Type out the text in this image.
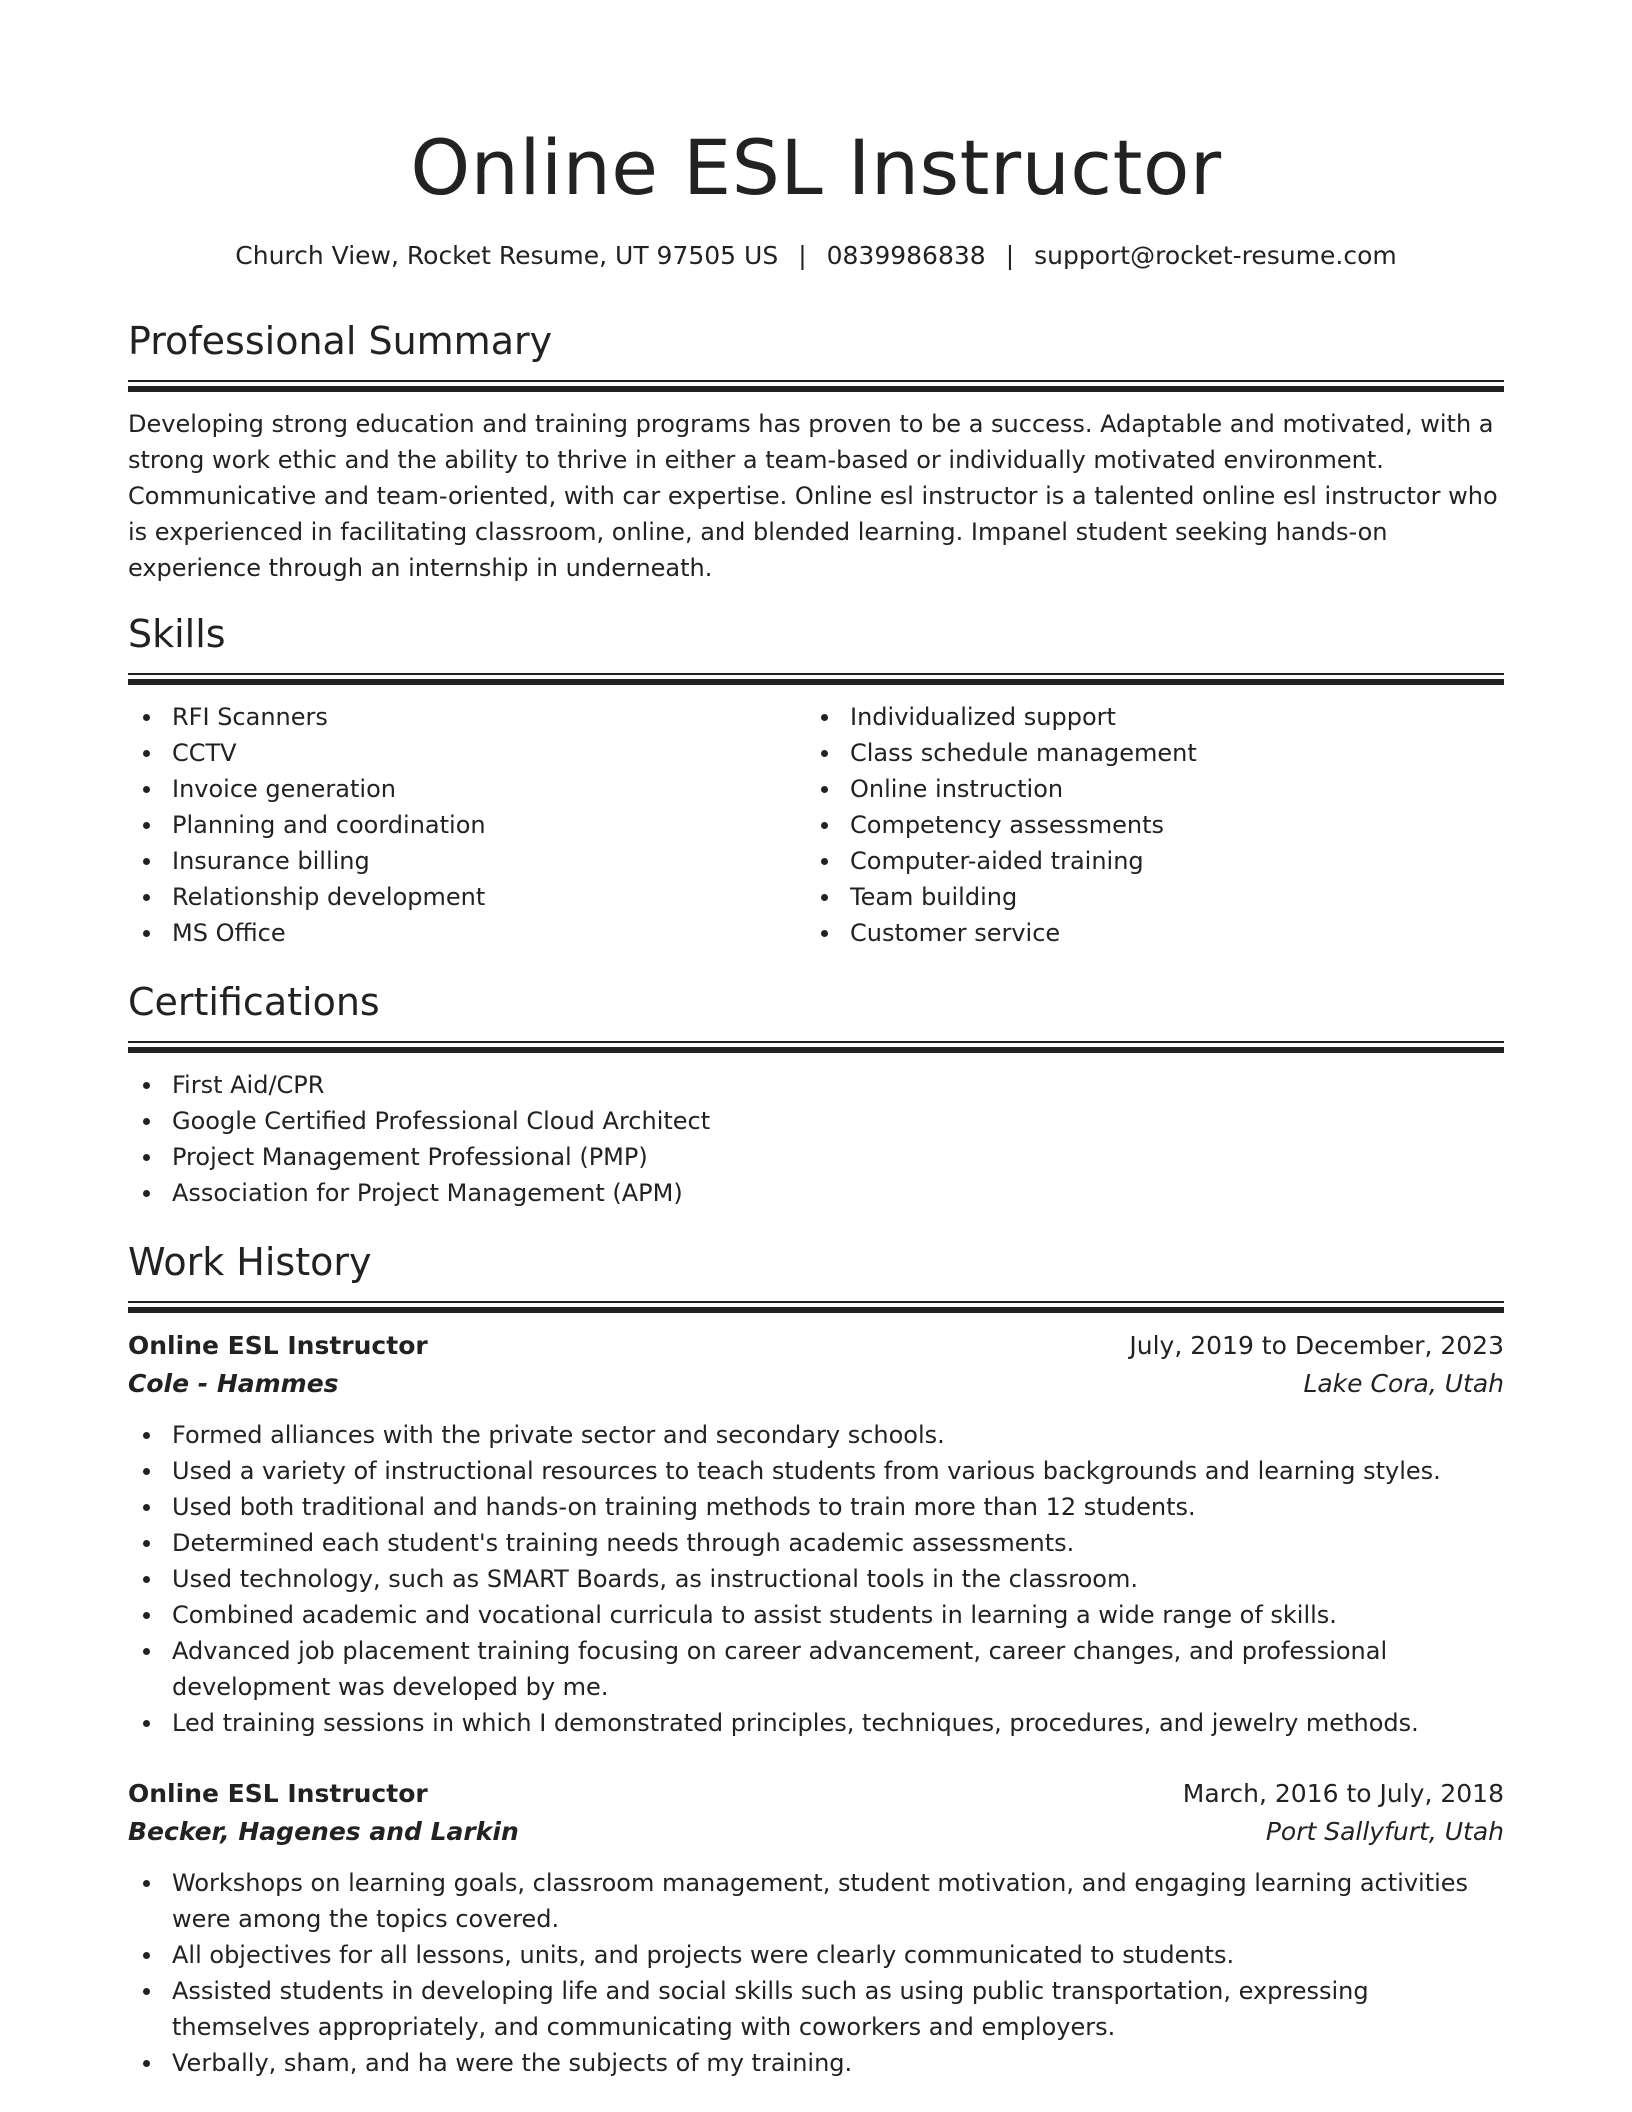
Online ESL Instructor
Church View, Rocket Resume, UT 97505 US | 0839986838 | support@rocket-resume.com
Professional Summary

Developing strong education and training programs has proven to be a success. Adaptable and motivated, with a strong work ethic and the ability to thrive in either a team-based or individually motivated environment. Communicative and team-oriented, with car expertise. Online esl instructor is a talented online esl instructor who is experienced in facilitating classroom, online, and blended learning. Impanel student seeking hands-on experience through an internship in underneath.

Skills
RFI Scanners
CCTV
Invoice generation
Planning and coordination
Insurance billing
Relationship development
MS Office
Individualized support
Class schedule management
Online instruction
Competency assessments
Computer-aided training
Team building
Customer service
Certifications
First Aid/CPR
Google Certified Professional Cloud Architect
Project Management Professional (PMP)
Association for Project Management (APM)
Work History
Online ESL Instructor	July, 2019 to December, 2023
Cole - Hammes	Lake Cora, Utah
Formed alliances with the private sector and secondary schools.
Used a variety of instructional resources to teach students from various backgrounds and learning styles.
Used both traditional and hands-on training methods to train more than 12 students.
Determined each student's training needs through academic assessments.
Used technology, such as SMART Boards, as instructional tools in the classroom.
Combined academic and vocational curricula to assist students in learning a wide range of skills.
Advanced job placement training focusing on career advancement, career changes, and professional development was developed by me.
Led training sessions in which I demonstrated principles, techniques, procedures, and jewelry methods.
Online ESL Instructor	March, 2016 to July, 2018
Becker, Hagenes and Larkin	Port Sallyfurt, Utah
Workshops on learning goals, classroom management, student motivation, and engaging learning activities were among the topics covered.
All objectives for all lessons, units, and projects were clearly communicated to students.
Assisted students in developing life and social skills such as using public transportation, expressing themselves appropriately, and communicating with coworkers and employers.
Verbally, sham, and ha were the subjects of my training.
